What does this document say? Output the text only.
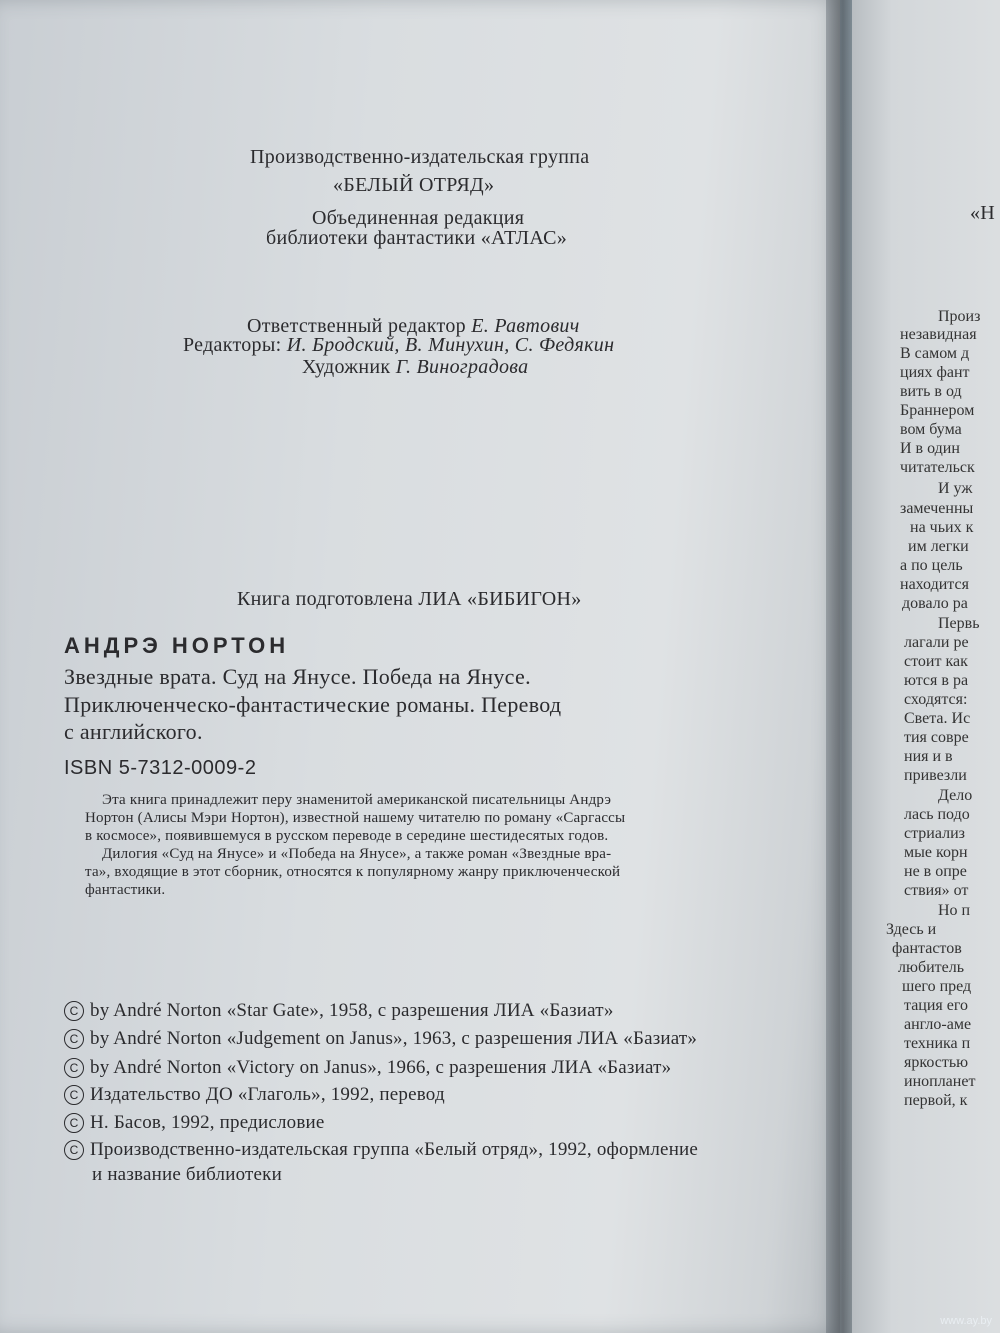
Производственно-издательская группа
«БЕЛЫЙ ОТРЯД»
Объединенная редакция
библиотеки фантастики «АТЛАС»
Ответственный редактор Е. Равтович
Редакторы: И. Бродский, В. Минухин, С. Федякин
Художник Г. Виноградова
Книга подготовлена ЛИА «БИБИГОН»
АНДРЭ НОРТОН
Звездные врата. Суд на Янусе. Победа на Янусе.
Приключенческо-фантастические романы. Перевод
с английского.
ISBN 5-7312-0009-2
Эта книга принадлежит перу знаменитой американской писательницы Андрэ
Нортон (Алисы Мэри Нортон), известной нашему читателю по роману «Саргассы
в космосе», появившемуся в русском переводе в середине шестидесятых годов.
Дилогия «Суд на Янусе» и «Победа на Янусе», а также роман «Звездные вра-
та», входящие в этот сборник, относятся к популярному жанру приключенческой
фантастики.
C by André Norton «Star Gate», 1958, с разрешения ЛИА «Базиат»
C by André Norton «Judgement on Janus», 1963, с разрешения ЛИА «Базиат»
C by André Norton «Victory on Janus», 1966, с разрешения ЛИА «Базиат»
C Издательство ДО «Глаголь», 1992, перевод
C Н. Басов, 1992, предисловие
C Производственно-издательская группа «Белый отряд», 1992, оформление
и название библиотеки
«Н
Произ
незавидная
В самом д
циях фант
вить в од
Браннером
вом бума
И в один
читательск
И уж
замеченны
на чьих к
им легки
а по цель
находится
довало ра
Первь
лагали ре
стоит как
ются в ра
сходятся:
Света. Ис
тия совре
ния и в
привезли
Дело
лась подо
стриализ
мые корн
не в опре
ствия» от
Но п
Здесь и
фантастов
любитель
шего пред
тация его
англо-аме
техника п
яркостью
инопланет
первой, к
www.ay.by
